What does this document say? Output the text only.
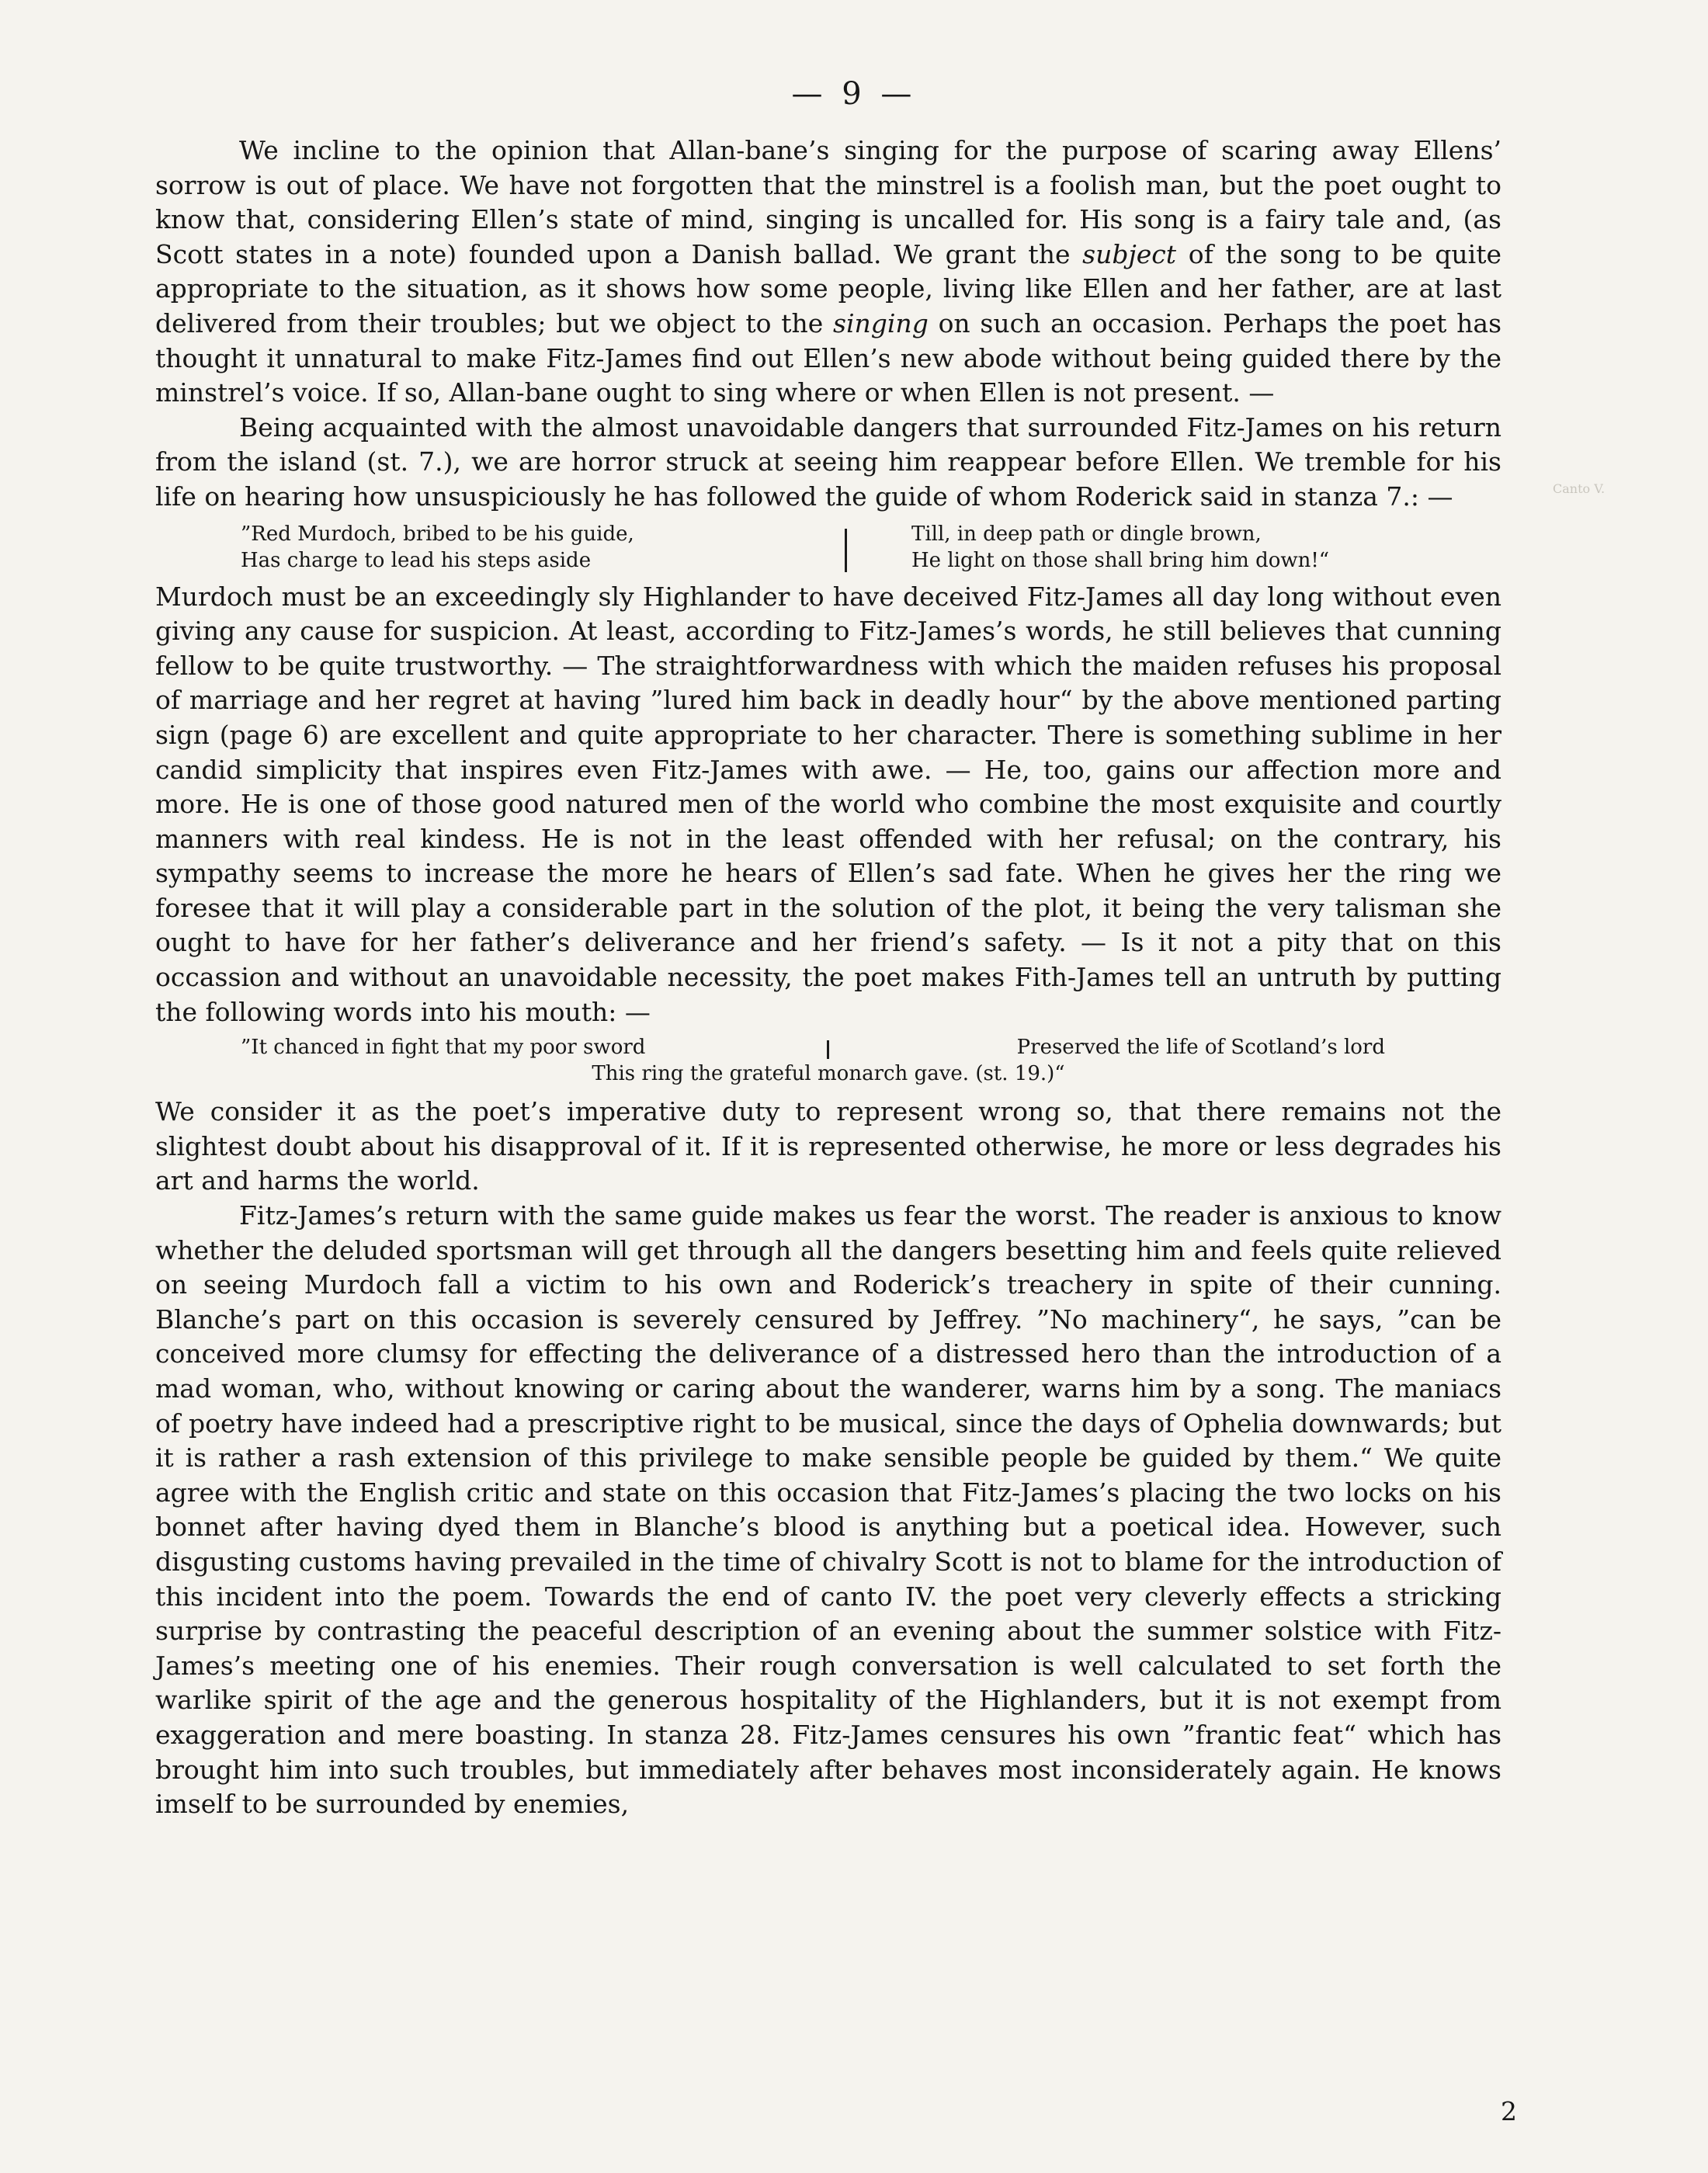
— 9 —
Canto V.

We incline to the opinion that Allan-bane’s singing for the purpose of scaring away Ellens’ sorrow is out of place. We have not forgotten that the minstrel is a foolish man, but the poet ought to know that, considering Ellen’s state of mind, singing is uncalled for. His song is a fairy tale and, (as Scott states in a note) founded upon a Danish ballad. We grant the subject of the song to be quite appropriate to the situation, as it shows how some people, living like Ellen and her father, are at last delivered from their troubles; but we object to the singing on such an occasion. Perhaps the poet has thought it unnatural to make Fitz-James find out Ellen’s new abode without being guided there by the minstrel’s voice. If so, Allan-bane ought to sing where or when Ellen is not present. —

Being acquainted with the almost unavoidable dangers that surrounded Fitz-James on his return from the island (st. 7.), we are horror struck at seeing him reappear before Ellen. We tremble for his life on hearing how unsuspiciously he has followed the guide of whom Roderick said in stanza 7.: —

”Red Murdoch, bribed to be his guide,
Has charge to lead his steps aside
Till, in deep path or dingle brown,
He light on those shall bring him down!“

Murdoch must be an exceedingly sly Highlander to have deceived Fitz-James all day long without even giving any cause for suspicion. At least, according to Fitz-James’s words, he still believes that cunning fellow to be quite trustworthy. — The straightforwardness with which the maiden refuses his proposal of marriage and her regret at having ”lured him back in deadly hour“ by the above mentioned parting sign (page 6) are excellent and quite appropriate to her character. There is something sublime in her candid simplicity that inspires even Fitz-James with awe. — He, too, gains our affection more and more. He is one of those good natured men of the world who combine the most exquisite and courtly manners with real kindess. He is not in the least offended with her refusal; on the contrary, his sympathy seems to increase the more he hears of Ellen’s sad fate. When he gives her the ring we foresee that it will play a considerable part in the solution of the plot, it being the very talisman she ought to have for her father’s deliverance and her friend’s safety. — Is it not a pity that on this occassion and without an unavoidable necessity, the poet makes Fith-James tell an untruth by putting the following words into his mouth: —

”It chanced in fight that my poor sword	Preserved the life of Scotland’s lord
This ring the grateful monarch gave. (st. 19.)“

We consider it as the poet’s imperative duty to represent wrong so, that there remains not the slightest doubt about his disapproval of it. If it is represented otherwise, he more or less degrades his art and harms the world.

Fitz-James’s return with the same guide makes us fear the worst. The reader is anxious to know whether the deluded sportsman will get through all the dangers besetting him and feels quite relieved on seeing Murdoch fall a victim to his own and Roderick’s treachery in spite of their cunning. Blanche’s part on this occasion is severely censured by Jeffrey. ”No machinery“, he says, ”can be conceived more clumsy for effecting the deliverance of a distressed hero than the introduction of a mad woman, who, without knowing or caring about the wanderer, warns him by a song. The maniacs of poetry have indeed had a prescriptive right to be musical, since the days of Ophelia downwards; but it is rather a rash extension of this privilege to make sensible people be guided by them.“ We quite agree with the English critic and state on this occasion that Fitz-James’s placing the two locks on his bonnet after having dyed them in Blanche’s blood is anything but a poetical idea. However, such disgusting customs having prevailed in the time of chivalry Scott is not to blame for the introduction of this incident into the poem. Towards the end of canto IV. the poet very cleverly effects a stricking surprise by contrasting the peaceful description of an evening about the summer solstice with Fitz-James’s meeting one of his enemies. Their rough conversation is well calculated to set forth the warlike spirit of the age and the generous hospitality of the Highlanders, but it is not exempt from exaggeration and mere boasting. In stanza 28. Fitz-James censures his own ”frantic feat“ which has brought him into such troubles, but immediately after behaves most inconsiderately again. He knows imself to be surrounded by enemies,

2
